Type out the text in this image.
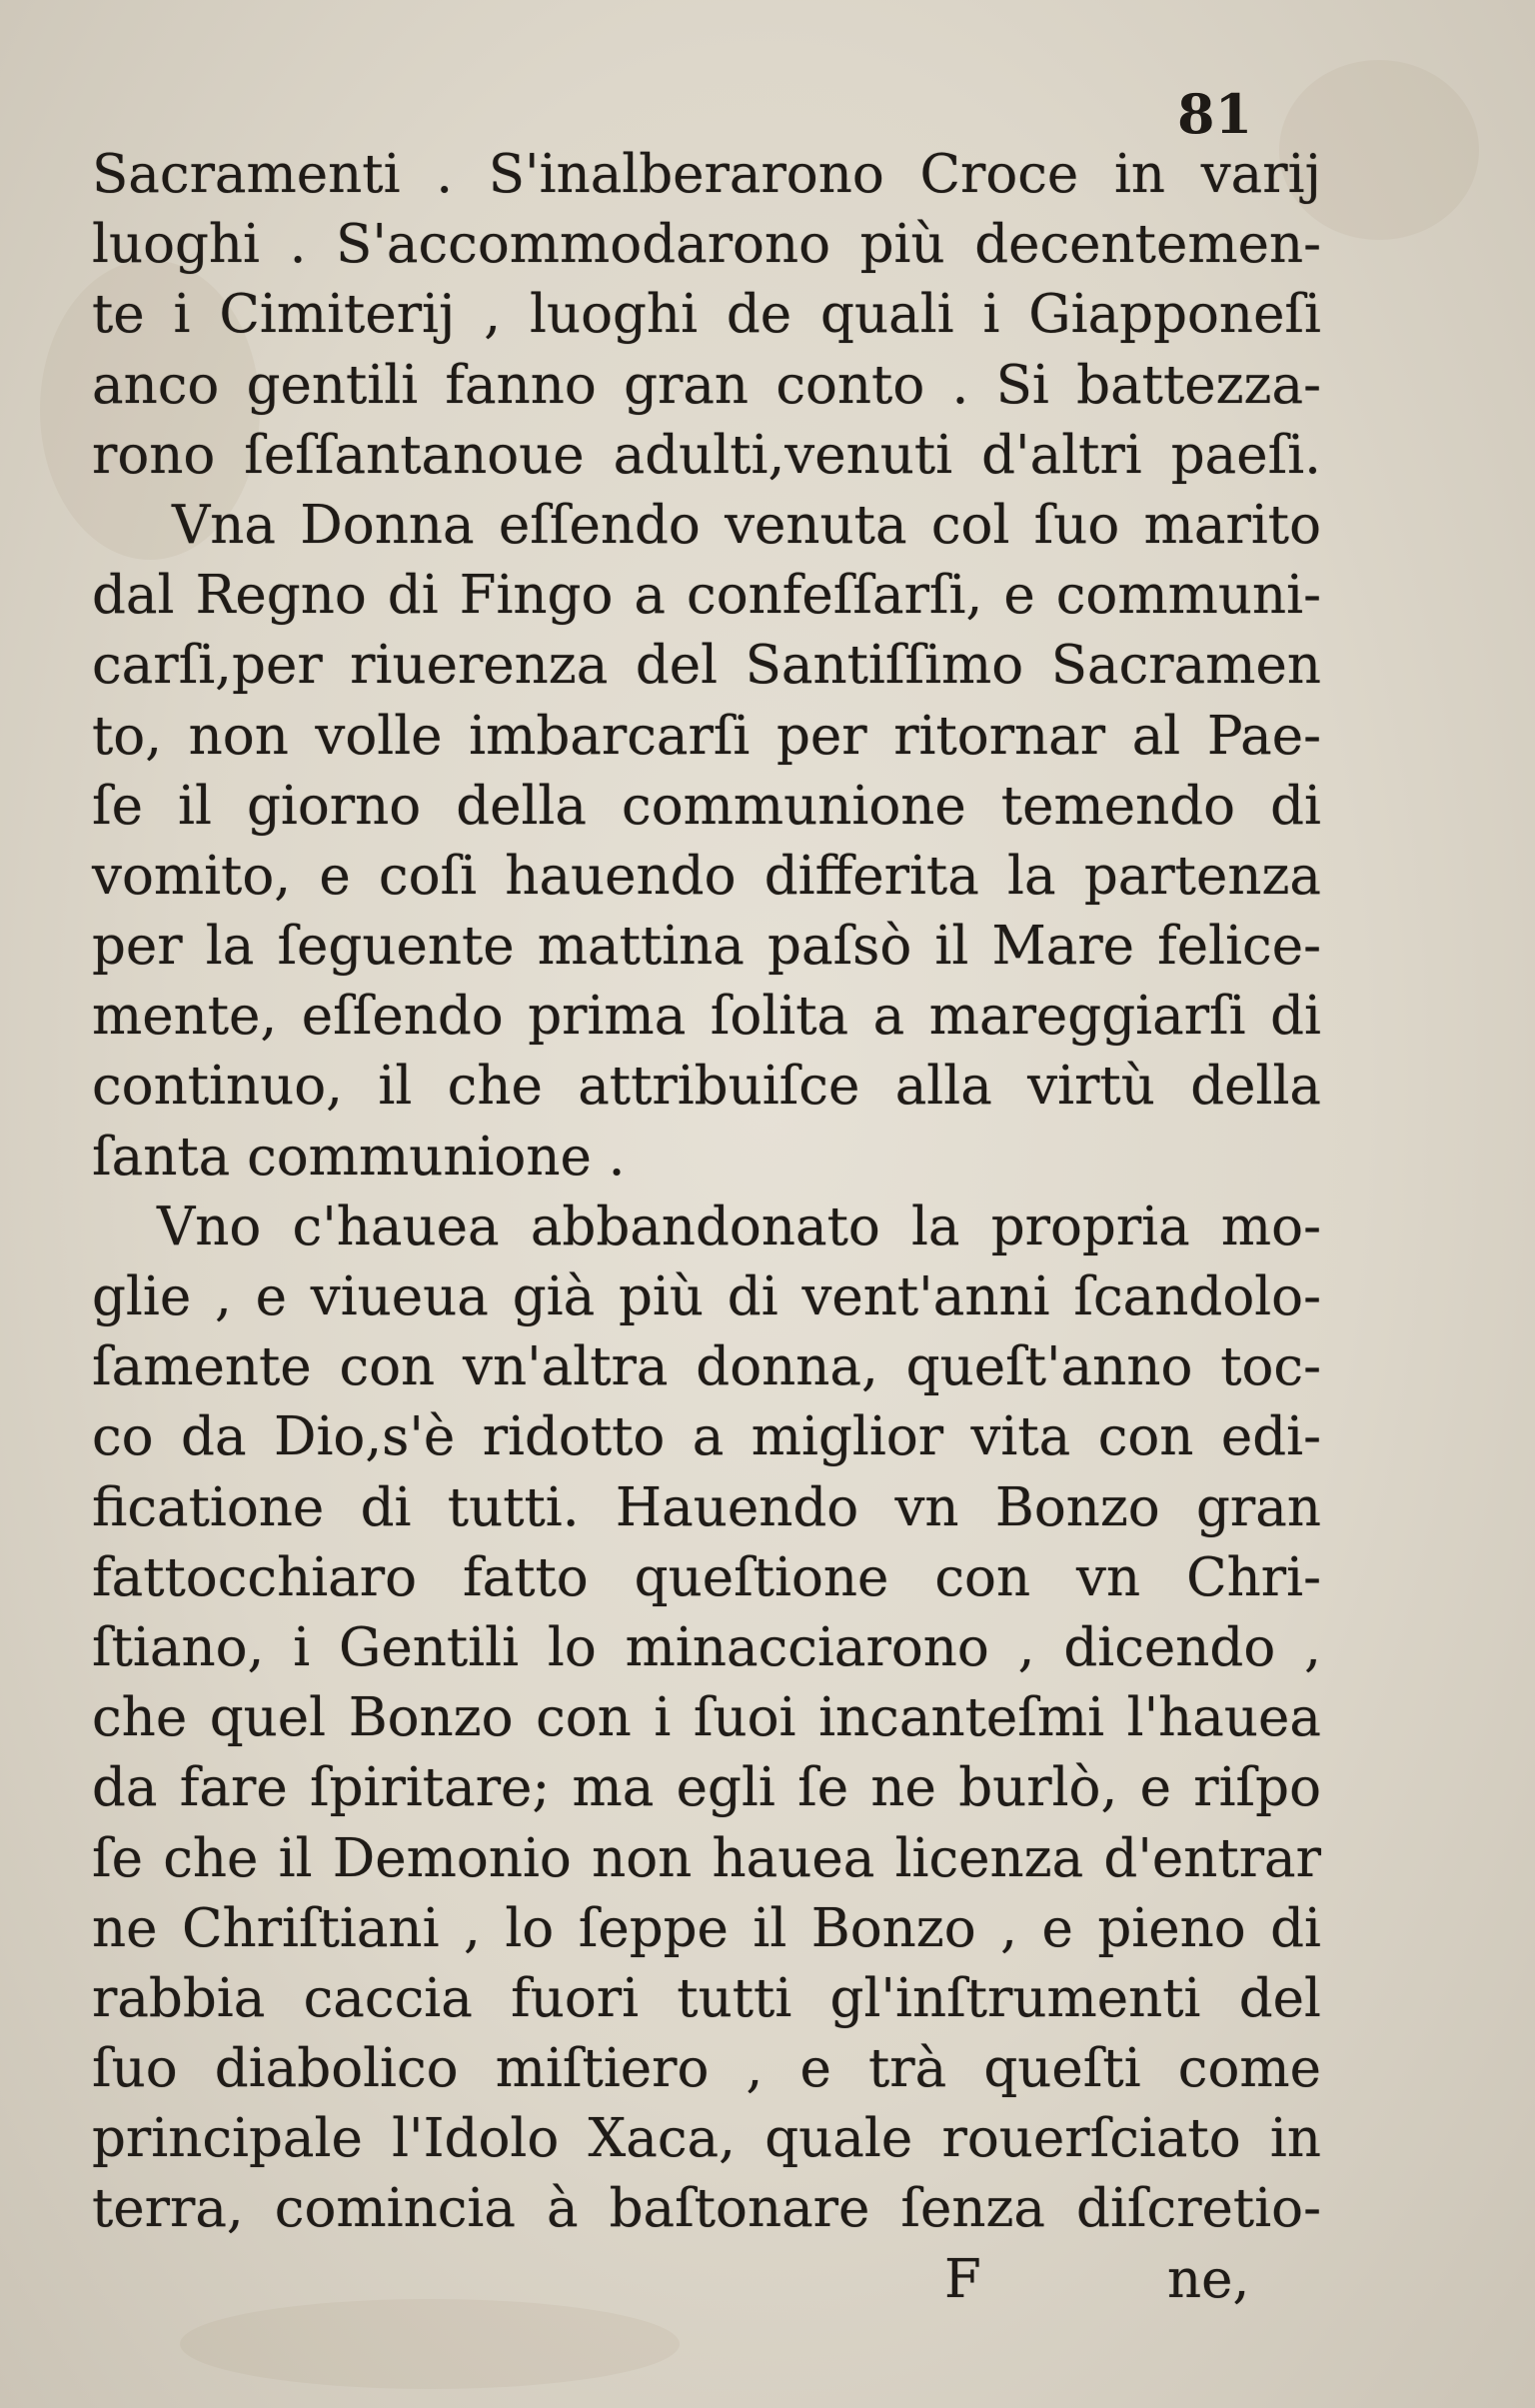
81
Sacramenti . S'inalberarono Croce in varij
luoghi . S'accommodarono più decentemen-
te i Cimiterij , luoghi de quali i Giapponeſi
anco gentili fanno gran conto . Si battezza-
rono ſeſſantanoue adulti,venuti d'altri paeſi.
Vna Donna eſſendo venuta col ſuo marito
dal Regno di Fingo a confeſſarſi, e communi-
carſi,per riuerenza del Santiſſimo Sacramen
to, non volle imbarcarſi per ritornar al Pae-
ſe il giorno della communione temendo di
vomito, e coſi hauendo differita la partenza
per la ſeguente mattina paſsò il Mare felice-
mente, eſſendo prima ſolita a mareggiarſi di
continuo, il che attribuiſce alla virtù della
ſanta communione .
Vno c'hauea abbandonato la propria mo-
glie , e viueua già più di vent'anni ſcandolo-
ſamente con vn'altra donna, queſt'anno toc-
co da Dio,s'è ridotto a miglior vita con edi-
ficatione di tutti. Hauendo vn Bonzo gran
fattocchiaro fatto queſtione con vn Chri-
ſtiano, i Gentili lo minacciarono , dicendo ,
che quel Bonzo con i ſuoi incanteſmi l'hauea
da fare ſpiritare; ma egli ſe ne burlò, e riſpo
ſe che il Demonio non hauea licenza d'entrar
ne Chriſtiani , lo ſeppe il Bonzo , e pieno di
rabbia caccia fuori tutti gl'inſtrumenti del
ſuo diabolico miſtiero , e trà queſti come
principale l'Idolo Xaca, quale rouerſciato in
terra, comincia à baſtonare ſenza diſcretio-
F	ne,
